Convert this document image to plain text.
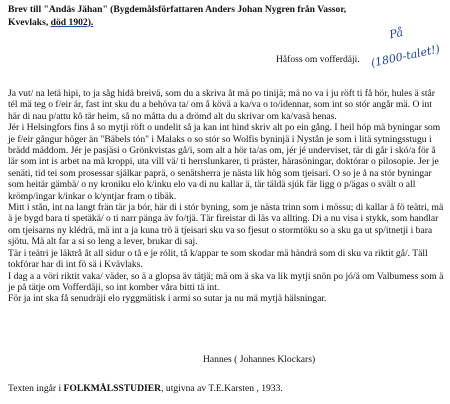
Brev till "Andäs Jähan" (Bygdemålsförfattaren Anders Johan Nygren från Vassor,
Kvevlaks, död 1902).
På
(1800-talet!)
Håfoss om vofferdäji.

Ja vut/ na letä hipi, to ja såg hidä breivä, som du a skriva åt mä po tinijä; mä no va i ju röft ti få hör, hules ä står tél mä teg o f/eir är, fast int sku du a behöva ta/ om å kövä a ka/va o to/idennar, som int so stór angår mä. O int här di nau p/attu kô tär heim, så no måtta du a drömd alt du skrivar om ka/vasä henas.

Jér i Helsingfors fins å so mytji röft o undelit så ja kan int hind skriv alt po ein gång. I heil hóp mä byningar som je f/eir gångur höger än "Bäbels tón" i Malaks o so stór so Wolfis byninjä i Nystån je som i litä sytningsstugu i brädd mäddom. Jér je pasjäsi o Grönkvistas gå/i, som alt a hör ta/as om, jér jé underviset, tär di går i skó/a för å lär som int is arbet na mä kroppi, uta vill vä/ ti herrslunkarer, ti präster, härasöningar, doktórar o pilosopie. Jer je senäti, tid tei som prosessar själkar paprä, o senätsherra je nästa lik hög som tjeisari. O so je å na stór byningar som heitär gämbä/ o ny kroniku elo k/inku elo va di nu kallar ä, tär täldä sjúk fär ligg o p/ägas o svält o all krömp/ingar k/inkar o k/yntjar fram o tibäk.

Mitt i stån, int na langt frän tär ja bór, här di i stór byning, som je nästa trinn som i mössu; di kallar ä fö teätri, mä ä je bygd bara ti spetäkä/ o ti narr pänga äv fo/tjä. Tär fireistar di läs va allting. Di a nu visa i stykk, som handlar om tjeisarns ny klédrä, mä int a ja kuna trö ä tjeisari sku va so fjesut o stormtöku so a sku ga ut sp/itnetji i bara sjötu. Mä alt far a si so leng a lever, brukar di saj.

Tär i teätri je läktrå åt all sidur o tå e je rólit, tå k/appar te som skodar mä händrä som di sku va riktit gå/. Täll tokfórar har di int fö sä i Kvävlaks.

I dag a a vöri riktit vaka/ väder, so ä a glopsa äv tätjä; mä om ä ska va lik mytji snön po jó/ä om Valbumess som ä je på tätje om Vofferdäji, so int komber våra bitti tä int.

För ja int ska få senudräji elo ryggmätisk i armi so sutar ja nu mä mytjä hälsningar.

Hannes ( Johannes Klockars)
Texten ingår i FOLKMÅLSSTUDIER, utgivna av T.E.Karsten , 1933.
